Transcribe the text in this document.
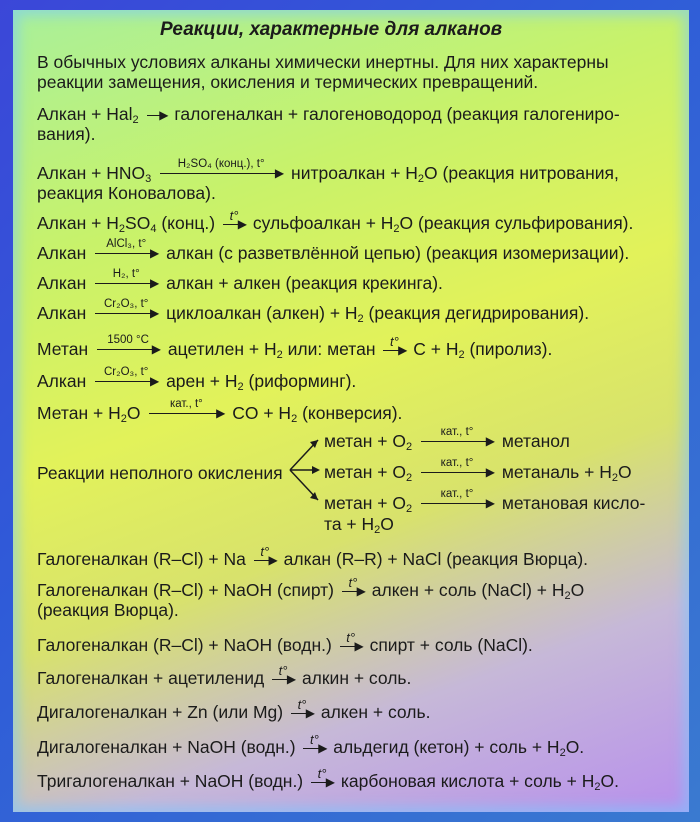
Реакции, характерные для алканов
В обычных условиях алканы химически инертны. Для них характерны
реакции замещения, окисления и термических превращений.
Алкан + Hal$_2$ ▶ галогеналкан + галогеноводород (реакция галогениро-
вания).
Алкан + $HNO_3$
H₂SO₄ (конц.), t°
▶ нитроалкан + $H_2O$ (реакция нитрования,
реакция Коновалова).
Алкан + $H_2SO_4$ (конц.)	t°
▶ сульфоалкан + $H_2O$ (реакция сульфирования).
Алкан	AlCl₃, t°
▶ алкан (с разветвлённой цепью) (реакция изомеризации).
Алкан	H₂, t°
▶ алкан + алкен (реакция крекинга).
Алкан	Cr₂O₃, t°
▶ циклоалкан (алкен) + $H_2$ (реакция дегидрирования).
Метан	1500 °C
▶ ацетилен + $H_2$ или: метан	t°
▶ $C + H_2$ (пиролиз).
Алкан	Cr₂O₃, t°
▶ арен + $H_2$ (риформинг).
Метан + $H_2O$	кат., t°
▶ CO + $H_2$ (конверсия).
Реакции неполного окисления
метан + $O_2$
кат., t°
▶ метанол
метан + $O_2$
кат., t°
▶ метаналь + $H_2O$
метан + $O_2$
кат., t°
▶ метановая кисло-
та + $H_2O$
Галогеналкан (R–Cl) + Na	t°
▶ алкан (R–R) + NaCl (реакция Вюрца).
Галогеналкан (R–Cl) + NaOH (спирт)	t°
▶ алкен + соль (NaCl) + $H_2O$
(реакция Вюрца).
Галогеналкан (R–Cl) + NaOH (водн.)	t°
▶ спирт + соль (NaCl).
Галогеналкан + ацетиленид	t°
▶ алкин + соль.
Дигалогеналкан + Zn (или Mg)	t°
▶ алкен + соль.
Дигалогеналкан + NaOH (водн.)	t°
▶ альдегид (кетон) + соль + $H_2O$.
Тригалогеналкан + NaOH (водн.)	t°
▶ карбоновая кислота + соль + $H_2O$.
